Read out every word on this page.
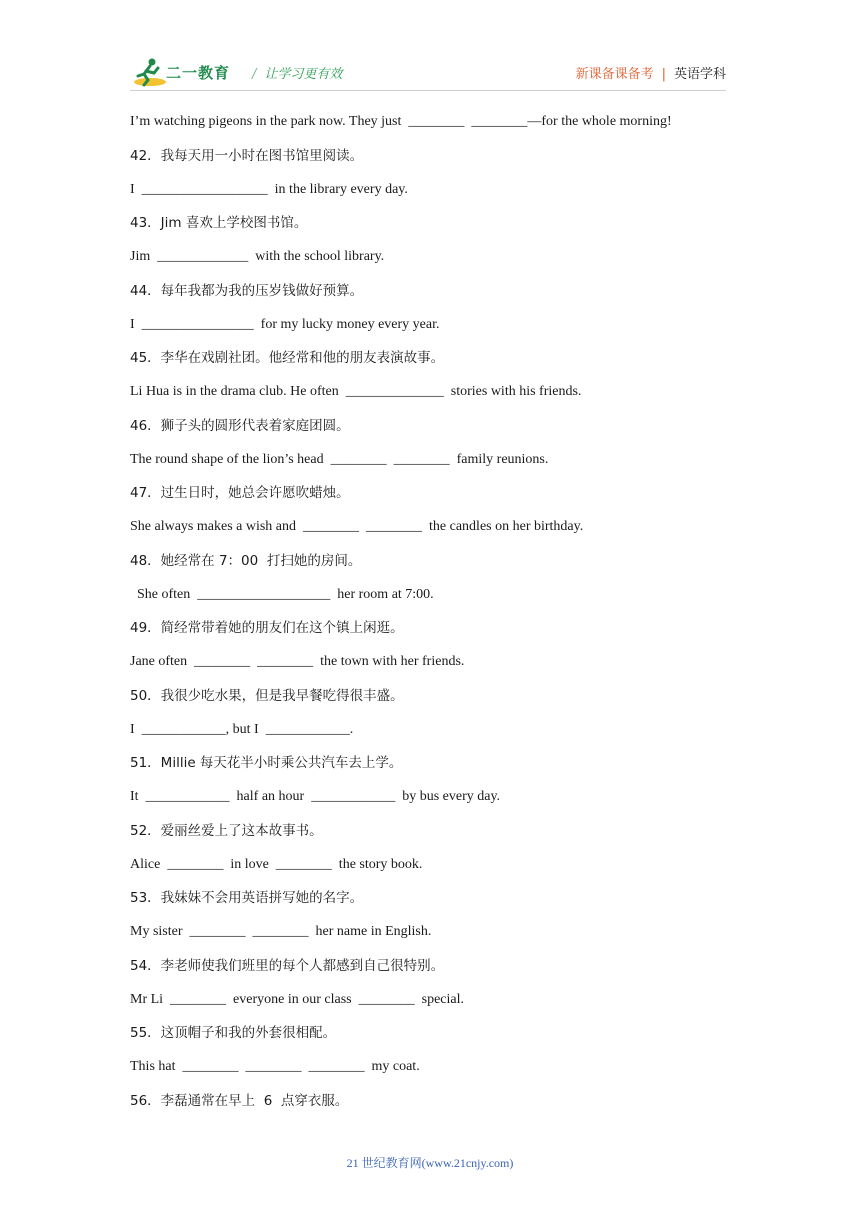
二一教育 / 让学习更有效	新课备课备考 | 英语学科
I’m watching pigeons in the park now. They just  ________  ________—for the whole morning!
42．我每天用一小时在图书馆里阅读。
I  __________________  in the library every day.
43．Jim 喜欢上学校图书馆。
Jim  _____________  with the school library.
44．每年我都为我的压岁钱做好预算。
I  ________________  for my lucky money every year.
45．李华在戏剧社团。他经常和他的朋友表演故事。
Li Hua is in the drama club. He often  ______________  stories with his friends.
46．狮子头的圆形代表着家庭团圆。
The round shape of the lion’s head  ________  ________  family reunions.
47．过生日时，她总会许愿吹蜡烛。
She always makes a wish and  ________  ________  the candles on her birthday.
48．她经常在 7：00  打扫她的房间。
She often  ___________________  her room at 7:00.
49．简经常带着她的朋友们在这个镇上闲逛。
Jane often  ________  ________  the town with her friends.
50．我很少吃水果，但是我早餐吃得很丰盛。
I  ____________, but I  ____________.
51．Millie 每天花半小时乘公共汽车去上学。
It  ____________  half an hour  ____________  by bus every day.
52．爱丽丝爱上了这本故事书。
Alice  ________  in love  ________  the story book.
53．我妹妹不会用英语拼写她的名字。
My sister  ________  ________  her name in English.
54．李老师使我们班里的每个人都感到自己很特别。
Mr Li  ________  everyone in our class  ________  special.
55．这顶帽子和我的外套很相配。
This hat  ________  ________  ________  my coat.
56．李磊通常在早上  6  点穿衣服。
21 世纪教育网(www.21cnjy.com)
